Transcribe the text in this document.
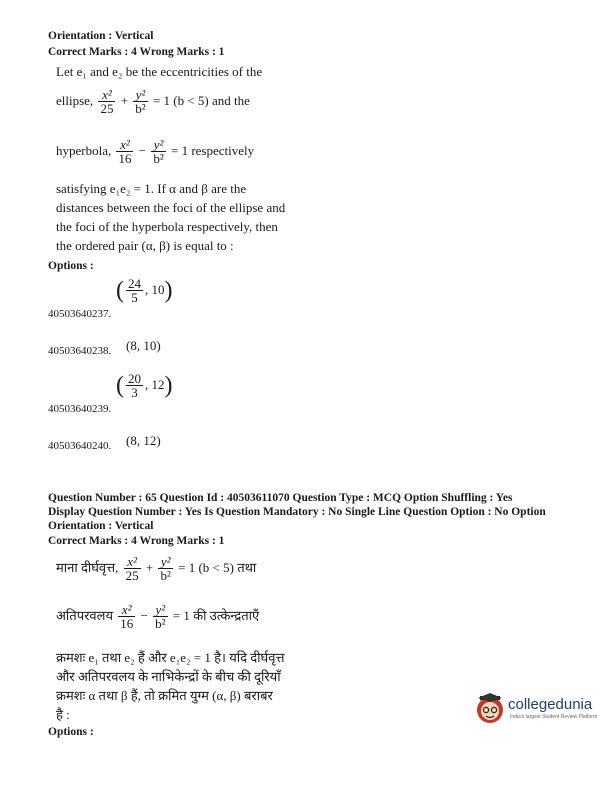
Orientation : Vertical
Correct Marks : 4 Wrong Marks : 1
Let e₁ and e₂ be the eccentricities of the
ellipse, $\frac{\text{x²}}{25} + \frac{\text{y²}}{\text{b²}} = 1$ (b < 5) and the
hyperbola, $\frac{\text{x²}}{16} - \frac{\text{y²}}{\text{b²}} = 1$ respectively
satisfying e₁e₂ = 1. If α and β are the
distances between the foci of the ellipse and
the foci of the hyperbola respectively, then
the ordered pair (α, β) is equal to :
Options :
( $\frac{24}{5}$ , 10)
40503640237.
(8, 10)
40503640238.
( $\frac{20}{3}$ , 12)
40503640239.
(8, 12)
40503640240.
Question Number : 65 Question Id : 40503611070 Question Type : MCQ Option Shuffling : Yes
Display Question Number : Yes Is Question Mandatory : No Single Line Question Option : No Option
Orientation : Vertical
Correct Marks : 4 Wrong Marks : 1
माना दीर्घवृत्त, $\frac{\text{x²}}{25} + \frac{\text{y²}}{\text{b²}} = 1$ (b < 5) तथा
अतिपरवलय $\frac{\text{x²}}{16} - \frac{\text{y²}}{\text{b²}} = 1$ की उत्केन्द्रताएँ
क्रमशः e₁ तथा e₂ हैं और e₁e₂ = 1 है। यदि दीर्घवृत्त
और अतिपरवलय के नाभिकेन्द्रों के बीच की दूरियाँ
क्रमशः α तथा β हैं, तो क्रमित युग्म (α, β) बराबर
है :
Options :
collegedunia
India's largest Student Review Platform
